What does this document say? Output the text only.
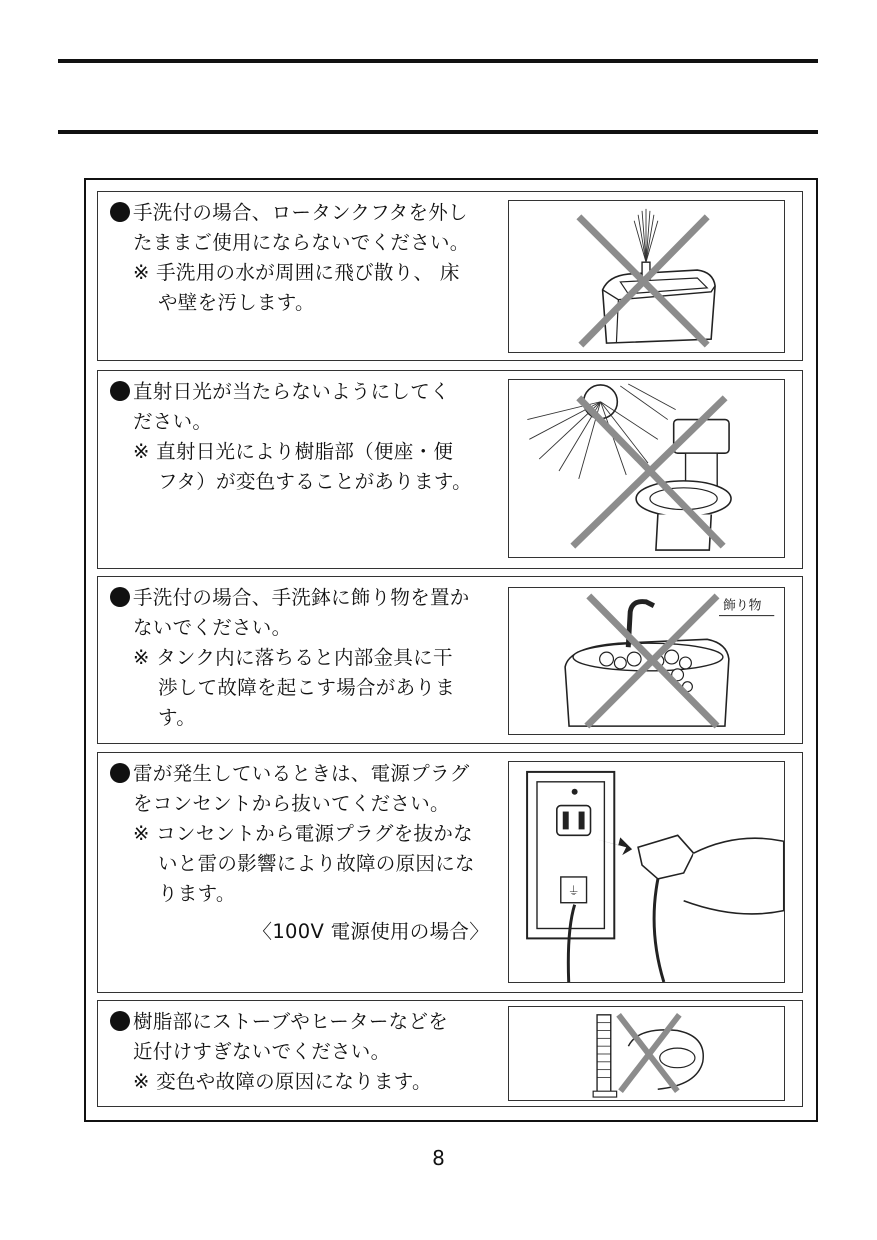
手洗付の場合、ロータンクフタを外し
たままご使用にならないでください。
※ 手洗用の水が周囲に飛び散り、 床
や壁を汚します。
直射日光が当たらないようにしてく
ださい。
※ 直射日光により樹脂部（便座・便
フタ）が変色することがあります。
手洗付の場合、手洗鉢に飾り物を置か
ないでください。
※ タンク内に落ちると内部金具に干
渉して故障を起こす場合がありま
す。
飾り物
雷が発生しているときは、電源プラグ
をコンセントから抜いてください。
※ コンセントから電源プラグを抜かな
いと雷の影響により故障の原因にな
ります。
〈100V 電源使用の場合〉
⏚
樹脂部にストーブやヒーターなどを
近付けすぎないでください。
※ 変色や故障の原因になります。
8
